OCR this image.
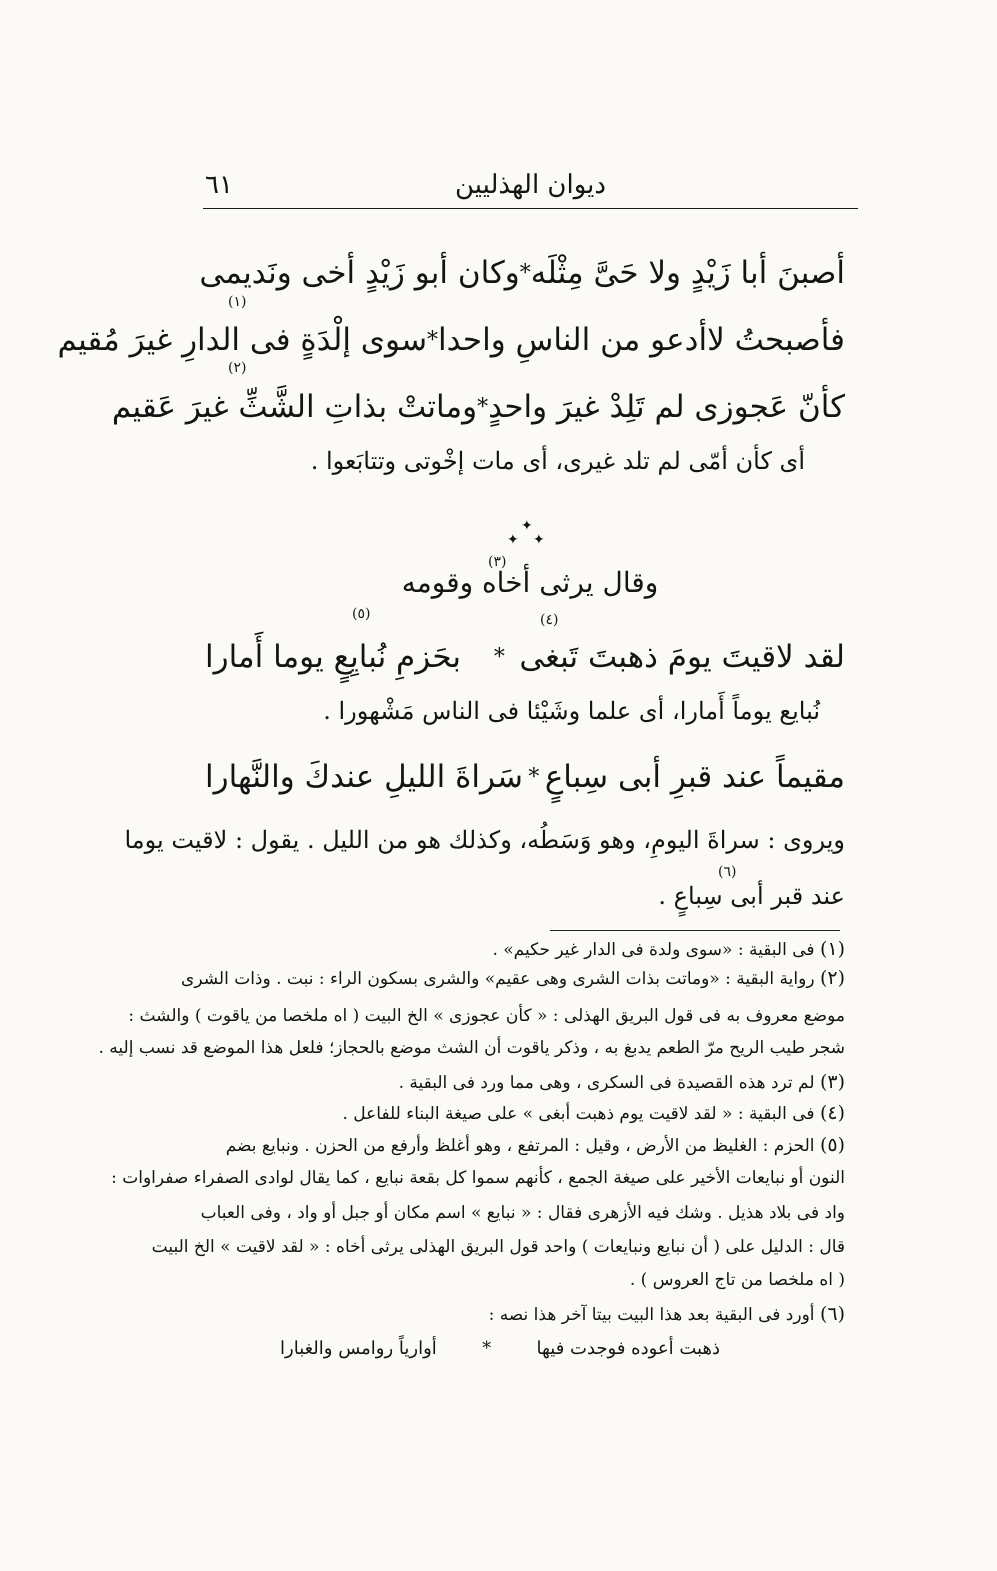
ديوان الهذليين
٦١
أصبنَ أبا زَيْدٍ ولا حَىَّ مِثْلَه
*
وكان أبو زَيْدٍ أخى ونَديمى
(١)
فأصبحتُ لاأدعو من الناسِ واحدا
*
سوى إلْدَةٍ فى الدارِ غيرَ مُقيم
(٢)
كأنّ عَجوزى لم تَلِدْ غيرَ واحدٍ
*
وماتتْ بذاتِ الشَّثِّ غيرَ عَقيم
أى كأن أمّى لم تلد غيرى، أى مات إخْوتى وتتابَعوا .
✦
✦ ✦
(٣)
وقال يرثى أخاه وقومه
(٤)
(٥)
لقد لاقيتَ يومَ ذهبتَ تَبغى
*
بحَزمِ نُبايِعٍ يوما أَمارا
نُبايع يوماً أَمارا، أى علما وشَيْئا فى الناس مَشْهورا .
مقيماً عند قبرِ أبى سِباعٍ
*
سَراةَ الليلِ عندكَ والنَّهارا
ويروى : سراةَ اليومِ، وهو وَسَطُه، وكذلك هو من الليل . يقول : لاقيت يوما
(٦)
عند قبر أبى سِباعٍ .
(١) فى البقية : «سوى ولدة فى الدار غير حكيم» .
(٢) رواية البقية : «وماتت بذات الشرى وهى عقيم» والشرى بسكون الراء : نبت . وذات الشرى
موضع معروف به فى قول البريق الهذلى : « كأن عجوزى » الخ البيت ( اه ملخصا من ياقوت ) والشث :
شجر طيب الريح مرّ الطعم يدبغ به ، وذكر ياقوت أن الشث موضع بالحجاز؛ فلعل هذا الموضع قد نسب إليه .
(٣) لم ترد هذه القصيدة فى السكرى ، وهى مما ورد فى البقية .
(٤) فى البقية : « لقد لاقيت يوم ذهبت أبغى » على صيغة البناء للفاعل .
(٥) الحزم : الغليظ من الأرض ، وقيل : المرتفع ، وهو أغلظ وأرفع من الحزن . ونبايع بضم
النون أو نبايعات الأخير على صيغة الجمع ، كأنهم سموا كل بقعة نبايع ، كما يقال لوادى الصفراء صفراوات :
واد فى بلاد هذيل . وشك فيه الأزهرى فقال : « نبايع » اسم مكان أو جبل أو واد ، وفى العباب
قال : الدليل على ( أن نبايع ونبايعات ) واحد قول البريق الهذلى يرثى أخاه : « لقد لاقيت » الخ البيت
( اه ملخصا من تاج العروس ) .
(٦) أورد فى البقية بعد هذا البيت بيتا آخر هذا نصه :
ذهبت أعوده فوجدت فيها
*
أوارياً روامس والغبارا
